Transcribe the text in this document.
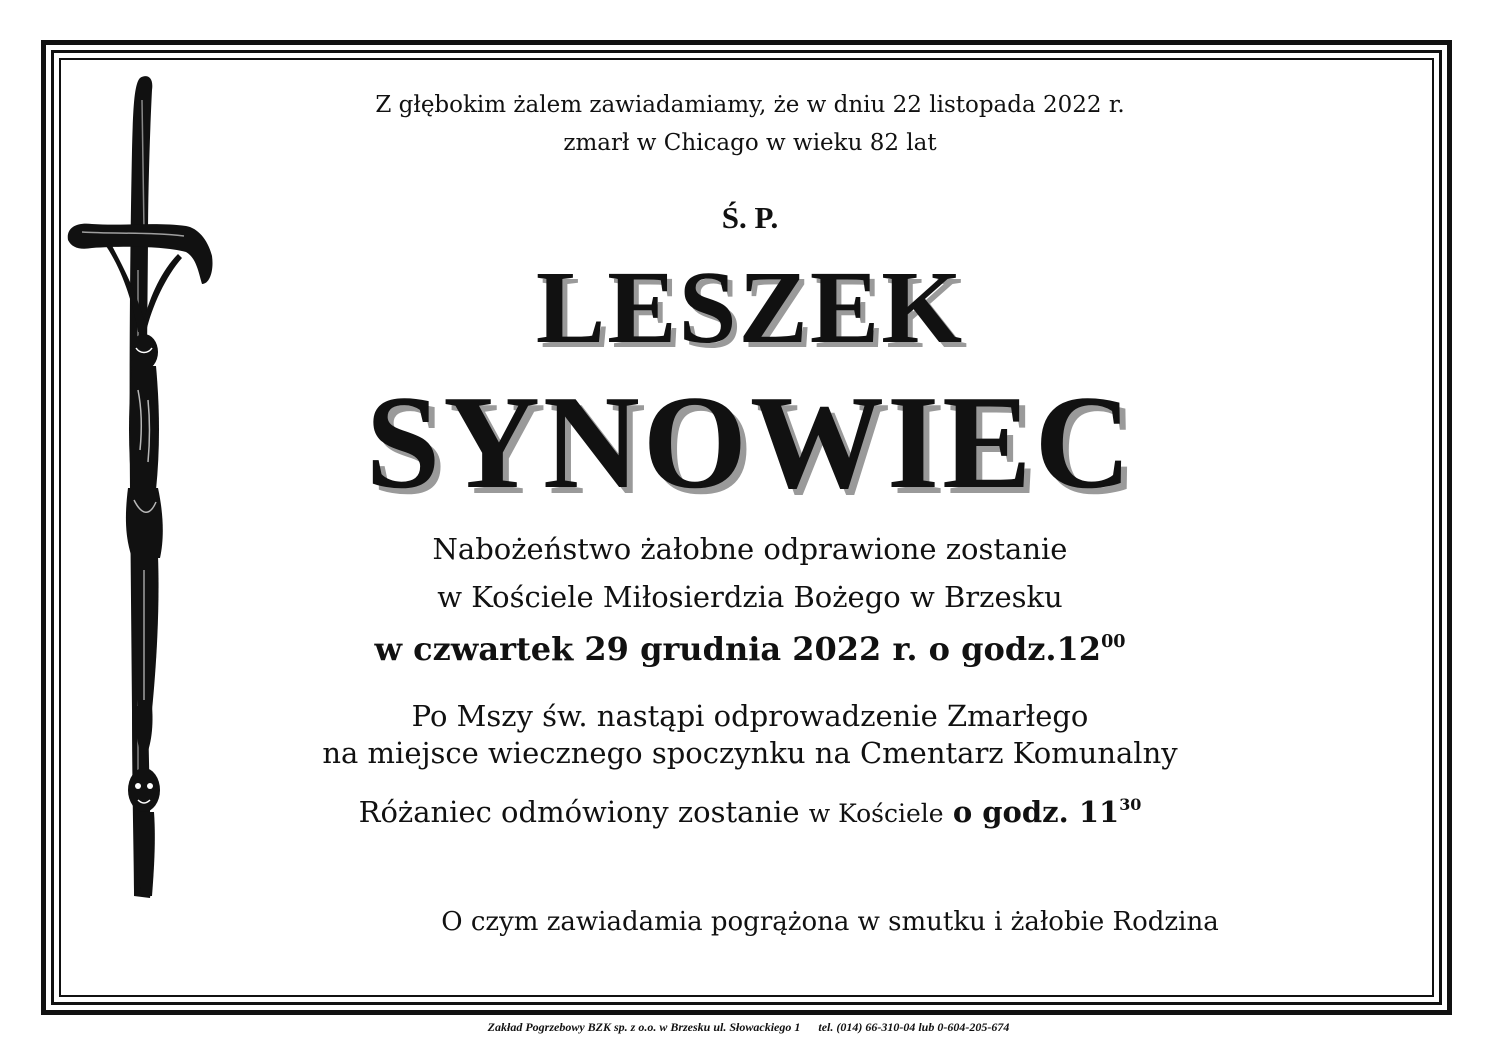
Z głębokim żalem zawiadamiamy, że w dniu 22 listopada 2022 r.
zmarł w Chicago w wieku 82 lat
Ś. P.
LESZEK
SYNOWIEC
Nabożeństwo żałobne odprawione zostanie
w Kościele Miłosierdzia Bożego w Brzesku
w czwartek 29 grudnia 2022 r. o $godz.12^{00}$
Po Mszy św. nastąpi odprowadzenie Zmarłego
na miejsce wiecznego spoczynku na Cmentarz Komunalny
Różaniec odmówiony zostanie w Kościele o godz. $11^{30}$
O czym zawiadamia pogrążona w smutku i żałobie Rodzina
Zakład Pogrzebowy BZK sp. z o.o. w Brzesku ul. Słowackiego 1 tel. (014) 66-310-04 lub 0-604-205-674
